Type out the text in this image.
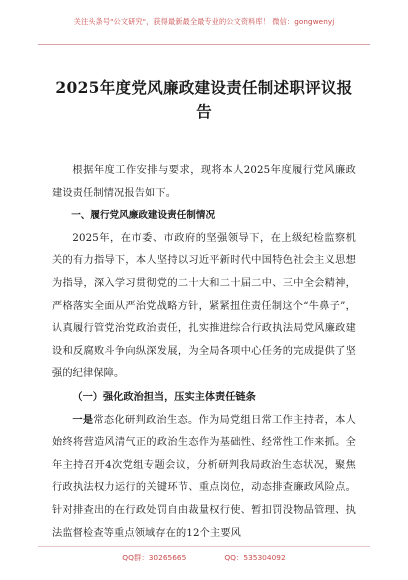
关注头条号"公文研究"，获得最新最全最专业的公文资料库！ 微信：gongwenyj
2025年度党风廉政建设责任制述职评议报告

根据年度工作安排与要求，现将本人2025年度履行党风廉政建设责任制情况报告如下。

一、履行党风廉政建设责任制情况

2025年，在市委、市政府的坚强领导下，在上级纪检监察机关的有力指导下，本人坚持以习近平新时代中国特色社会主义思想为指导，深入学习贯彻党的二十大和二十届二中、三中全会精神，严格落实全面从严治党战略方针，紧紧扭住责任制这个“牛鼻子”，认真履行管党治党政治责任，扎实推进综合行政执法局党风廉政建设和反腐败斗争向纵深发展，为全局各项中心任务的完成提供了坚强的纪律保障。

（一）强化政治担当，压实主体责任链条

一是常态化研判政治生态。作为局党组日常工作主持者，本人始终将营造风清气正的政治生态作为基础性、经常性工作来抓。全年主持召开4次党组专题会议，分析研判我局政治生态状况，聚焦行政执法权力运行的关键环节、重点岗位，动态排查廉政风险点。针对排查出的在行政处罚自由裁量权行使、暂扣罚没物品管理、执法监督检查等重点领域存在的12个主要风

QQ群：30265665	QQ：535304092
